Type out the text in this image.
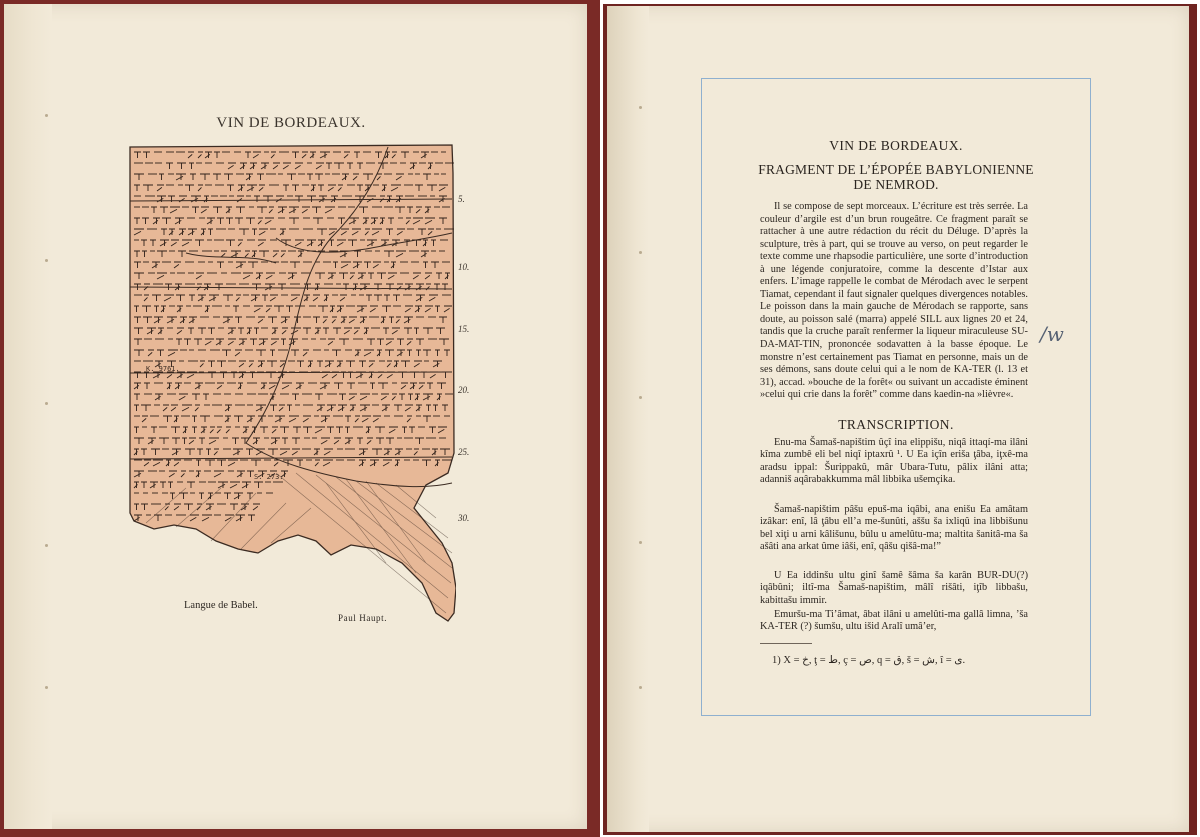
VIN DE BORDEAUX.
K. 9761.
S. 273.
5.
10.
15.
20.
25.
30.
Langue de Babel.
Paul Haupt.
VIN DE BORDEAUX.
FRAGMENT DE L’ÉPOPÉE BABYLONIENNE
DE NEMROD.

Il se compose de sept morceaux. L’écriture est très serrée. La couleur d’argile est d’un brun rougeâtre. Ce fragment paraît se rattacher à une autre rédaction du récit du Déluge. D’après la sculpture, très à part, qui se trouve au verso, on peut regarder le texte comme une rhapsodie particulière, une sorte d’introduction à une légende conjuratoire, comme la descente d’Istar aux enfers. L’image rappelle le combat de Mérodach avec le serpent Tiamat, cependant il faut signaler quelques divergences notables. Le poisson dans la main gauche de Mérodach se rapporte, sans doute, au poisson salé (marra) appelé SILL aux lignes 20 et 24, tandis que la cruche paraît renfermer la liqueur miraculeuse SU-DA-MAT-TIN, prononcée sodavatten à la basse époque. Le monstre n’est certainement pas Tiamat en personne, mais un de ses démons, sans doute celui qui a le nom de KA-TER (l. 13 et 31), accad. »bouche de la forêt« ou suivant un accadiste éminent »celui qui crie dans la forêt” comme dans kaedin-na »lièvre«.

TRANSCRIPTION.

Enu-ma Šamaš-napištim ûçî ina elippišu, niqâ ittaqí-ma ilâni kîma zumbê eli bel niqî iptaxrû ¹. U Ea içîn eriša ţâba, iţxê-ma aradsu ippal: Šurippakû, mâr Ubara-Tutu, pâlix ilâni atta; adanniš aqârabakkumma mâl libbika ušemçika.

Šamaš-napištim pâšu epuš-ma iqâbi, ana enišu Ea amâtam izâkar: enî, lâ ţâbu ell’a me-šunûti, aššu ša ixliqû ina libbišunu bel xiţi u arni kâlišunu, bûlu u amelûtu-ma; maltita šanitâ-ma ša ašâti ana arkat ûme iâši, enî, qâšu qišâ-ma!”

U Ea iddinšu ultu ginî šamê šâma ša karân BUR-DU(?) iqâbûni; iltî-ma Šamaš-napištim, mâlî rišâti, iţîb libbašu, kabittašu immir.

Emuršu-ma Ti’âmat, âbat ilâni u amelûti-ma gallâ limna, ’ša KA-TER (?) šumšu, ultu išid Aralî umâ’er,

1) X = خ, ţ = ط, ç = ص, q = ق, š = ش, î = ى.
/w
